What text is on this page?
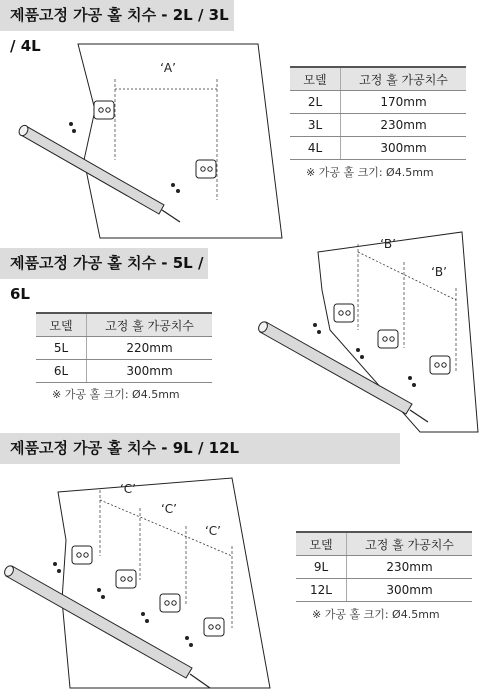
제품고정 가공 홀 치수 - 2L / 3L / 4L
‘A’
모델	고정 홀 가공치수
2L	170mm
3L	230mm
4L	300mm
※ 가공 홀 크기: Ø4.5mm
제품고정 가공 홀 치수 - 5L / 6L
‘B’
‘B’
모델	고정 홀 가공치수
5L	220mm
6L	300mm
※ 가공 홀 크기: Ø4.5mm
제품고정 가공 홀 치수 - 9L / 12L
‘C’
‘C’
‘C’
모델	고정 홀 가공치수
9L	230mm
12L	300mm
※ 가공 홀 크기: Ø4.5mm
